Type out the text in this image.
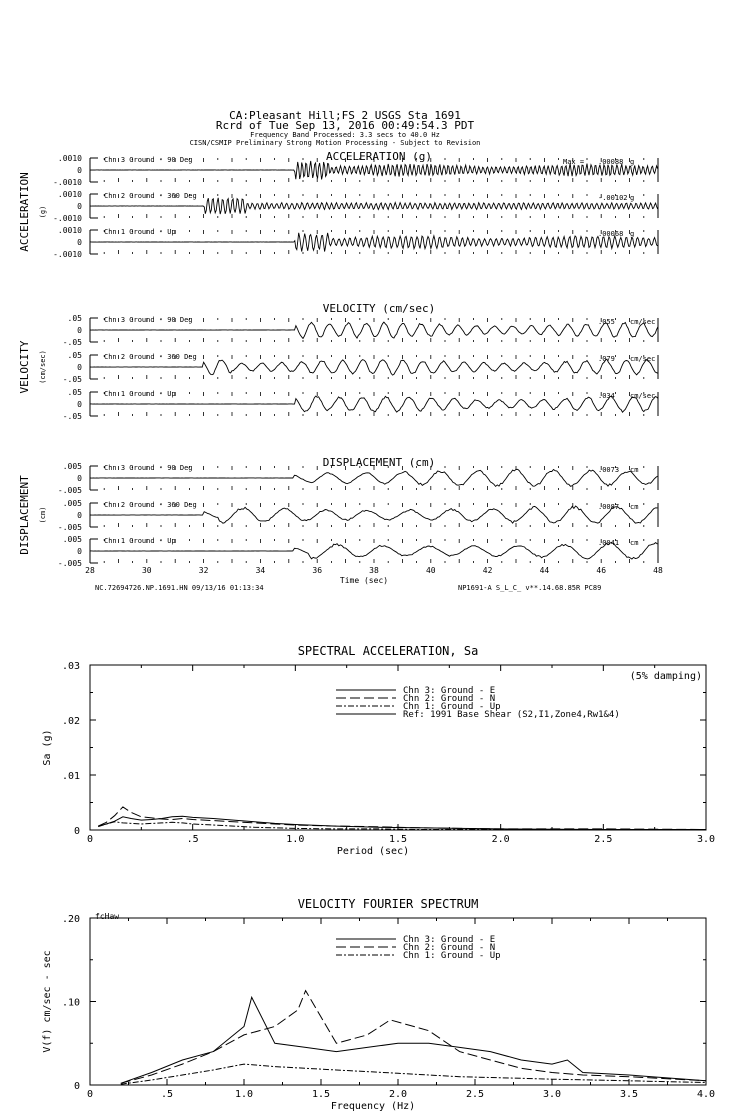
CA:Pleasant Hill;FS 2 USGS Sta 1691
Rcrd of Tue Sep 13, 2016 00:49:54.3 PDT
Frequency Band Processed: 3.3 secs to 40.0 Hz
CISN/CSMIP Preliminary Strong Motion Processing - Subject to Revision
ACCELERATION (g)
ACCELERATION (g)
.0010
0
-.0010
Chn 3 Ground - 90 Deg	Max = .00088 g
.0010
0
-.0010
Chn 2 Ground - 360 Deg	-.00102 g
.0010
0
-.0010
Chn 1 Ground - Up	.00068 g
VELOCITY (cm/sec)
VELOCITY (cm/sec)
.05
0
-.05
Chn 3 Ground - 90 Deg	.055 cm/sec
.05
0
-.05
Chn 2 Ground - 360 Deg	.079 cm/sec
.05
0
-.05
Chn 1 Ground - Up	.034 cm/sec
DISPLACEMENT (cm)
DISPLACEMENT (cm)
.005
0
-.005
Chn 3 Ground - 90 Deg	.0073 cm
.005
0
-.005
Chn 2 Ground - 360 Deg	.0087 cm
.005
0
-.005
Chn 1 Ground - Up	.0041 cm
28	30	32	34	36	38	40	42	44	46	48
Time (sec)
NC.72694726.NP.1691.HN 09/13/16 01:13:34	NP1691-A S_L_C_ v**.14.68.85R PC89
SPECTRAL ACCELERATION, Sa
0	.5	1.0	1.5	2.0	2.5	3.0
0
.01
.02
.03
Period (sec)
Sa (g)
(5% damping)
Chn 3: Ground - E
Chn 2: Ground - N
Chn 1: Ground - Up
Ref: 1991 Base Shear (S2,I1,Zone4,Rw1&4)
VELOCITY FOURIER SPECTRUM
0	.5	1.0	1.5	2.0	2.5	3.0	3.5	4.0
0
.10
.20
Frequency (Hz)
V(f) cm/sec - sec
fcHaw
Chn 3: Ground - E
Chn 2: Ground - N
Chn 1: Ground - Up
